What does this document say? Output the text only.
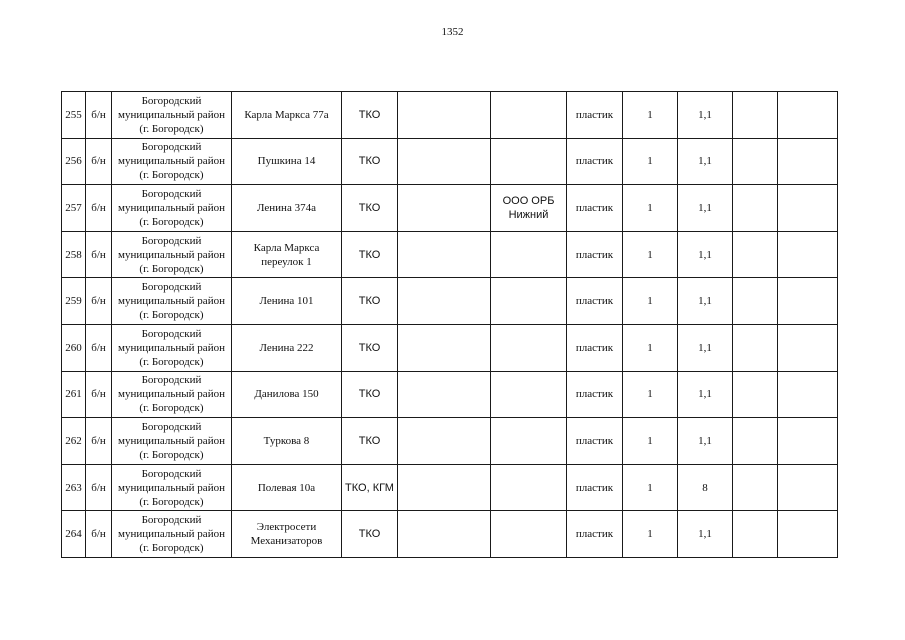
1352
255	б/н	Богородский муниципальный район (г. Богородск)	Карла Маркса 77а	ТКО			пластик	1	1,1		
256	б/н	Богородский муниципальный район (г. Богородск)	Пушкина 14	ТКО			пластик	1	1,1		
257	б/н	Богородский муниципальный район (г. Богородск)	Ленина 374а	ТКО		ООО ОРБ Нижний	пластик	1	1,1		
258	б/н	Богородский муниципальный район (г. Богородск)	Карла Маркса переулок 1	ТКО			пластик	1	1,1		
259	б/н	Богородский муниципальный район (г. Богородск)	Ленина 101	ТКО			пластик	1	1,1		
260	б/н	Богородский муниципальный район (г. Богородск)	Ленина 222	ТКО			пластик	1	1,1		
261	б/н	Богородский муниципальный район (г. Богородск)	Данилова 150	ТКО			пластик	1	1,1		
262	б/н	Богородский муниципальный район (г. Богородск)	Туркова 8	ТКО			пластик	1	1,1		
263	б/н	Богородский муниципальный район (г. Богородск)	Полевая 10а	ТКО, КГМ			пластик	1	8		
264	б/н	Богородский муниципальный район (г. Богородск)	Электросети Механизаторов	ТКО			пластик	1	1,1		
